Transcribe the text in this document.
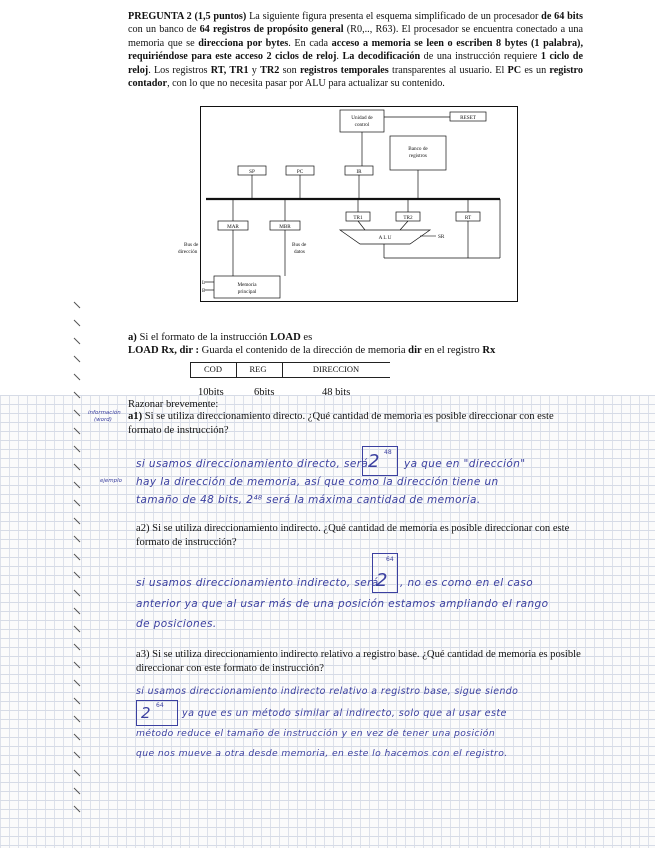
PREGUNTA 2 (1,5 puntos) La siguiente figura presenta el esquema simplificado de un procesador de 64 bits con un banco de 64 registros de propósito general (R0,.., R63). El procesador se encuentra conectado a una memoria que se direcciona por bytes. En cada acceso a memoria se leen o escriben 8 bytes (1 palabra), requiriéndose para este acceso 2 ciclos de reloj. La decodificación de una instrucción requiere 1 ciclo de reloj. Los registros RT, TR1 y TR2 son registros temporales transparentes al usuario. El PC es un registro contador, con lo que no necesita pasar por ALU para actualizar su contenido.
Unidad de
control
RESET
Banco de
registros
SP	PC	IR
MAR	MBR
TR1	TR2	RT
A L U	SR
Bus de
dirección
Bus de
datos
Memoria
principal
L
E
a) Si el formato de la instrucción LOAD es
LOAD Rx, dir : Guarda el contenido de la dirección de memoria dir en el registro Rx
COD	REG	DIRECCION
10bits	6bits	48 bits
Razonar brevemente:
a1) Si se utiliza direccionamiento directo. ¿Qué cantidad de memoria es posible direccionar con este formato de instrucción?
información
(word)
ejemplo
si usamos direccionamiento directo, será 2 48
ya que en "dirección"
hay la dirección de memoria, así que como la dirección tiene un
tamaño de 48 bits, 2⁴⁸ será la máxima cantidad de memoria.
a2) Si se utiliza direccionamiento indirecto. ¿Qué cantidad de memoria es posible direccionar con este formato de instrucción?
si usamos direccionamiento indirecto, será
2
64
, no es como en el caso
anterior ya que al usar más de una posición estamos ampliando el rango
de posiciones.
a3) Si se utiliza direccionamiento indirecto relativo a registro base. ¿Qué cantidad de memoria es posible direccionar con este formato de instrucción?
si usamos direccionamiento indirecto relativo a registro base, sigue siendo
2 64
ya que es un método similar al indirecto, solo que al usar este
método reduce el tamaño de instrucción y en vez de tener una posición
que nos mueve a otra desde memoria, en este lo hacemos con el registro.
